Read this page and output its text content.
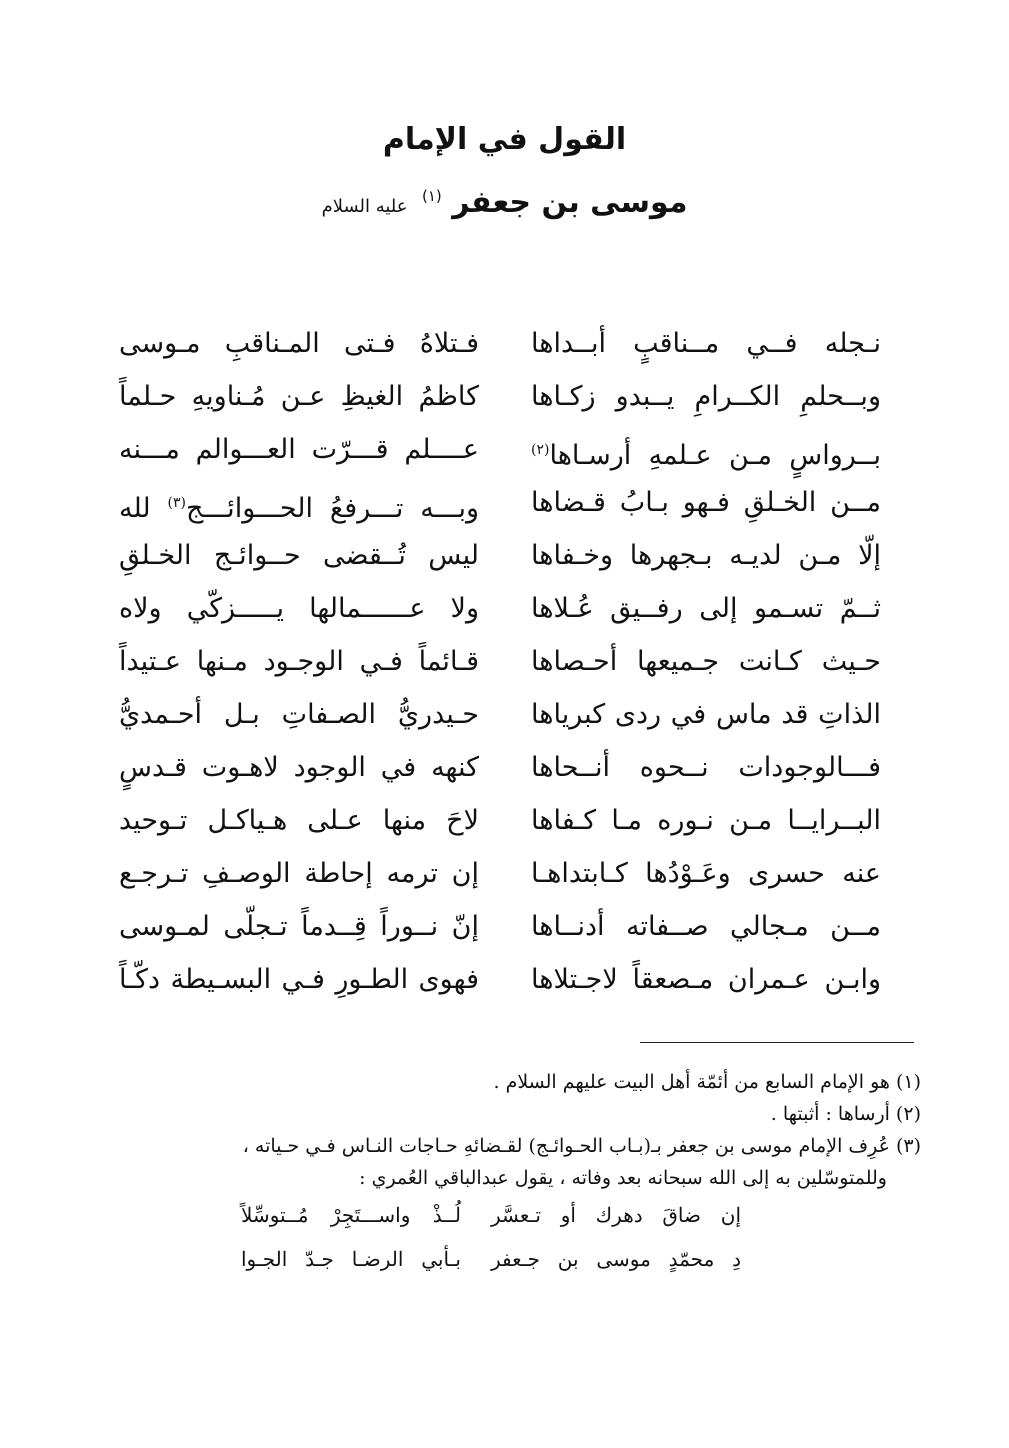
القول في الإمام
موسى بن جعفر $^{(١)}$ عليه السلام
فـتلاهُ فـتى المـناقبِ مـوسى نـجله فــي مــناقبٍ أبــداها
كاظمُ الغيظِ عـن مُـناويهِ حـلماً وبــحلمِ الكــرامِ يــبدو زكـاها
عــــلم قـــرّت العـــوالم مـــنه	بــرواسٍ مـن عـلمهِ أرسـاها$^{(٢)}$
وبـــه تـــرفعُ الحـــوائـــج$^{(٣)}$ لله	مــن الخـلقِ فـهو بـابُ قـضاها
ليس تُــقضى حــوائـج الخـلقِ إلّا مـن لديـه بـجهرها وخـفاها
ولا عــــــمالها يـــــزكّي ولاه ثــمّ تسـمو إلى رفــيق عُـلاها
قـائماً فـي الوجـود مـنها عـتيداً حـيث كـانت جـميعها أحـصاها
حـيدريُّ الصـفاتِ بـل أحـمديُّ الذاتِ قد ماس في ردى كبرياها
كنهه في الوجود لاهـوت قـدسٍ فـــالوجودات نــحوه أنــحاها
لاحَ منها عـلى هـياكـل تـوحيد البــرايــا مـن نـوره مـا كـفاها
إن ترمه إحاطة الوصـفِ تـرجـع عنه حسرى وعَـوْدُها كـابتداهـا
إنّ نــوراً قِــدماً تـجلّى لمـوسى مــن مـجالي صــفاته أدنــاها
فهوى الطـورِ فـي البسـيطة دكّـاً وابـن عـمران مـصعقاً لاجـتلاها
(١) هو الإمام السابع من أئمّة أهل البيت عليهم السلام .
(٢) أرساها : أثبتها .
(٣) عُرِف الإمام موسى بن جعفر بـ(بـاب الحـوائـج) لقـضائهِ حـاجات النـاس فـي حـياته ،
وللمتوسّلين به إلى الله سبحانه بعد وفاته ، يقول عبدالباقي العُمري :
إن ضاقَ دهرك أو تـعسَّر
لُــذْ واســـتَجِرْ مُــتوسِّلاً
دِ محمّدٍ موسى بن جـعفر
بـأبي الرضـا جـدّ الجـوا
